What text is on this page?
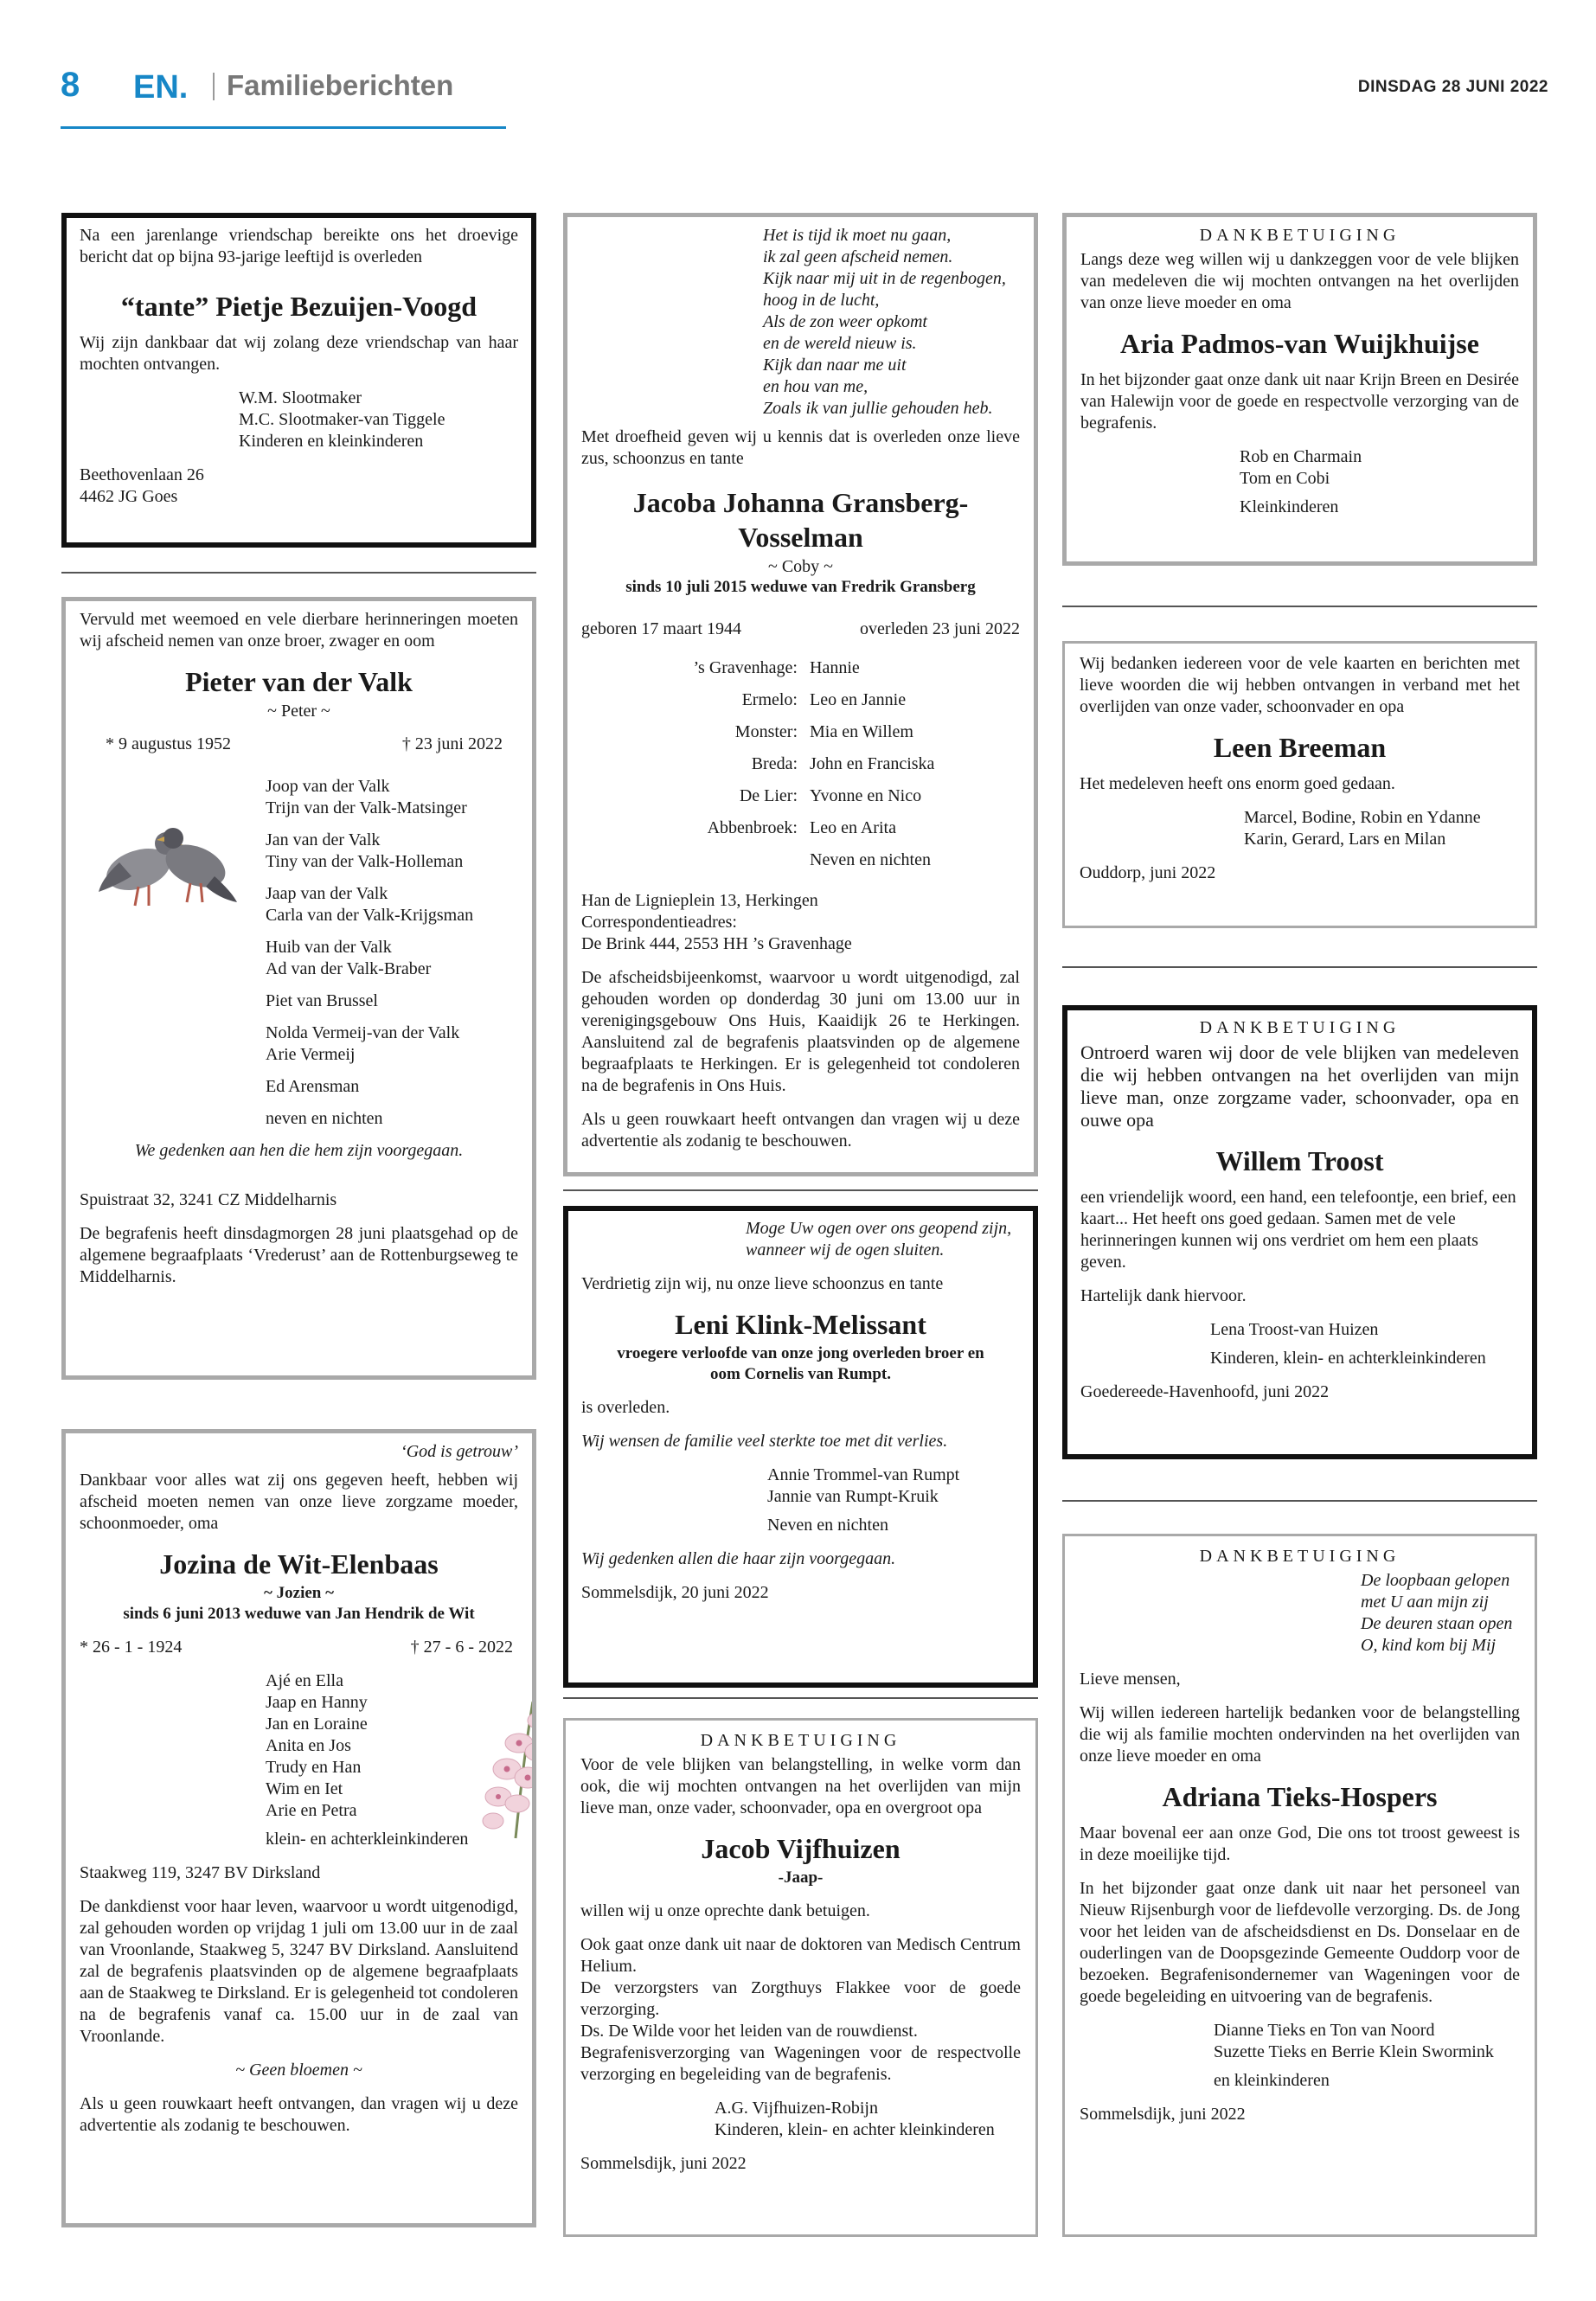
8 EN. Familieberichten	DINSDAG 28 JUNI 2022

Na een jarenlange vriendschap bereikte ons het droevige bericht dat op bijna 93-jarige leeftijd is overleden

“tante” Pietje Bezuijen-Voogd

Wij zijn dankbaar dat wij zolang deze vriendschap van haar mochten ontvangen.

W.M. Slootmaker
M.C. Slootmaker-van Tiggele
Kinderen en kleinkinderen
Beethovenlaan 26
4462 JG Goes

Vervuld met weemoed en vele dierbare herinneringen moeten wij afscheid nemen van onze broer, zwager en oom

Pieter van der Valk
~ Peter ~
* 9 augustus 1952	† 23 juni 2022
Joop van der Valk
Trijn van der Valk-Matsinger
Jan van der Valk
Tiny van der Valk-Holleman
Jaap van der Valk
Carla van der Valk-Krijgsman
Huib van der Valk
Ad van der Valk-Braber
Piet van Brussel
Nolda Vermeij-van der Valk
Arie Vermeij
Ed Arensman
neven en nichten
We gedenken aan hen die hem zijn voorgegaan.

Spuistraat 32, 3241 CZ Middelharnis

De begrafenis heeft dinsdagmorgen 28 juni plaatsgehad op de algemene begraafplaats ‘Vrederust’ aan de Rottenburgseweg te Middelharnis.

‘God is getrouw’

Dankbaar voor alles wat zij ons gegeven heeft, hebben wij afscheid moeten nemen van onze lieve zorgzame moeder, schoonmoeder, oma

Jozina de Wit-Elenbaas
~ Jozien ~
sinds 6 juni 2013 weduwe van Jan Hendrik de Wit
* 26 - 1 - 1924	† 27 - 6 - 2022
Ajé en Ella
Jaap en Hanny
Jan en Loraine
Anita en Jos
Trudy en Han
Wim en Iet
Arie en Petra
klein- en achterkleinkinderen

Staakweg 119, 3247 BV Dirksland

De dankdienst voor haar leven, waarvoor u wordt uitgenodigd, zal gehouden worden op vrijdag 1 juli om 13.00 uur in de zaal van Vroonlande, Staakweg 5, 3247 BV Dirksland. Aansluitend zal de begrafenis plaatsvinden op de algemene begraafplaats aan de Staakweg te Dirksland. Er is gelegenheid tot condoleren na de begrafenis vanaf ca. 15.00 uur in de zaal van Vroonlande.

~ Geen bloemen ~

Als u geen rouwkaart heeft ontvangen, dan vragen wij u deze advertentie als zodanig te beschouwen.

Het is tijd ik moet nu gaan,
ik zal geen afscheid nemen.
Kijk naar mij uit in de regenbogen,
hoog in de lucht,
Als de zon weer opkomt
en de wereld nieuw is.
Kijk dan naar me uit
en hou van me,
Zoals ik van jullie gehouden heb.

Met droefheid geven wij u kennis dat is overleden onze lieve zus, schoonzus en tante

Jacoba Johanna Gransberg-Vosselman
~ Coby ~
sinds 10 juli 2015 weduwe van Fredrik Gransberg
geboren 17 maart 1944	overleden 23 juni 2022
’s Gravenhage: Hannie
Ermelo: Leo en Jannie
Monster: Mia en Willem
Breda: John en Franciska
De Lier: Yvonne en Nico
Abbenbroek: Leo en Arita
Neven en nichten
Han de Lignieplein 13, Herkingen
Correspondentieadres:
De Brink 444, 2553 HH ’s Gravenhage

De afscheidsbijeenkomst, waarvoor u wordt uitgenodigd, zal gehouden worden op donderdag 30 juni om 13.00 uur in verenigingsgebouw Ons Huis, Kaaidijk 26 te Herkingen. Aansluitend zal de begrafenis plaatsvinden op de algemene begraafplaats te Herkingen. Er is gelegenheid tot condoleren na de begrafenis in Ons Huis.

Als u geen rouwkaart heeft ontvangen dan vragen wij u deze advertentie als zodanig te beschouwen.

Moge Uw ogen over ons geopend zijn,
wanneer wij de ogen sluiten.

Verdrietig zijn wij, nu onze lieve schoonzus en tante

Leni Klink-Melissant
vroegere verloofde van onze jong overleden broer en oom Cornelis van Rumpt.

is overleden.

Wij wensen de familie veel sterkte toe met dit verlies.

Annie Trommel-van Rumpt
Jannie van Rumpt-Kruik
Neven en nichten

Wij gedenken allen die haar zijn voorgegaan.

Sommelsdijk, 20 juni 2022

DANKBETUIGING

Voor de vele blijken van belangstelling, in welke vorm dan ook, die wij mochten ontvangen na het overlijden van mijn lieve man, onze vader, schoonvader, opa en overgroot opa

Jacob Vijfhuizen
-Jaap-

willen wij u onze oprechte dank betuigen.

Ook gaat onze dank uit naar de doktoren van Medisch Centrum Helium.
De verzorgsters van Zorgthuys Flakkee voor de goede verzorging.
Ds. De Wilde voor het leiden van de rouwdienst.
Begrafenisverzorging van Wageningen voor de respectvolle verzorging en begeleiding van de begrafenis.
A.G. Vijfhuizen-Robijn
Kinderen, klein- en achter kleinkinderen

Sommelsdijk, juni 2022

DANKBETUIGING

Langs deze weg willen wij u dankzeggen voor de vele blijken van medeleven die wij mochten ontvangen na het overlijden van onze lieve moeder en oma

Aria Padmos-van Wuijkhuijse

In het bijzonder gaat onze dank uit naar Krijn Breen en Desirée van Halewijn voor de goede en respectvolle verzorging van de begrafenis.

Rob en Charmain
Tom en Cobi
Kleinkinderen

Wij bedanken iedereen voor de vele kaarten en berichten met lieve woorden die wij hebben ontvangen in verband met het overlijden van onze vader, schoonvader en opa

Leen Breeman

Het medeleven heeft ons enorm goed gedaan.

Marcel, Bodine, Robin en Ydanne
Karin, Gerard, Lars en Milan

Ouddorp, juni 2022

DANKBETUIGING

Ontroerd waren wij door de vele blijken van medeleven die wij hebben ontvangen na het overlijden van mijn lieve man, onze zorgzame vader, schoonvader, opa en ouwe opa

Willem Troost

een vriendelijk woord, een hand, een telefoontje, een brief, een kaart... Het heeft ons goed gedaan. Samen met de vele herinneringen kunnen wij ons verdriet om hem een plaats geven.

Hartelijk dank hiervoor.

Lena Troost-van Huizen
Kinderen, klein- en achterkleinkinderen

Goedereede-Havenhoofd, juni 2022

DANKBETUIGING
De loopbaan gelopen
met U aan mijn zij
De deuren staan open
O, kind kom bij Mij

Lieve mensen,

Wij willen iedereen hartelijk bedanken voor de belangstelling die wij als familie mochten ondervinden na het overlijden van onze lieve moeder en oma

Adriana Tieks-Hospers

Maar bovenal eer aan onze God, Die ons tot troost geweest is in deze moeilijke tijd.

In het bijzonder gaat onze dank uit naar het personeel van Nieuw Rijsenburgh voor de liefdevolle verzorging. Ds. de Jong voor het leiden van de afscheidsdienst en Ds. Donselaar en de ouderlingen van de Doopsgezinde Gemeente Ouddorp voor de bezoeken. Begrafenisondernemer van Wageningen voor de goede begeleiding en uitvoering van de begrafenis.

Dianne Tieks en Ton van Noord
Suzette Tieks en Berrie Klein Swormink
en kleinkinderen

Sommelsdijk, juni 2022
